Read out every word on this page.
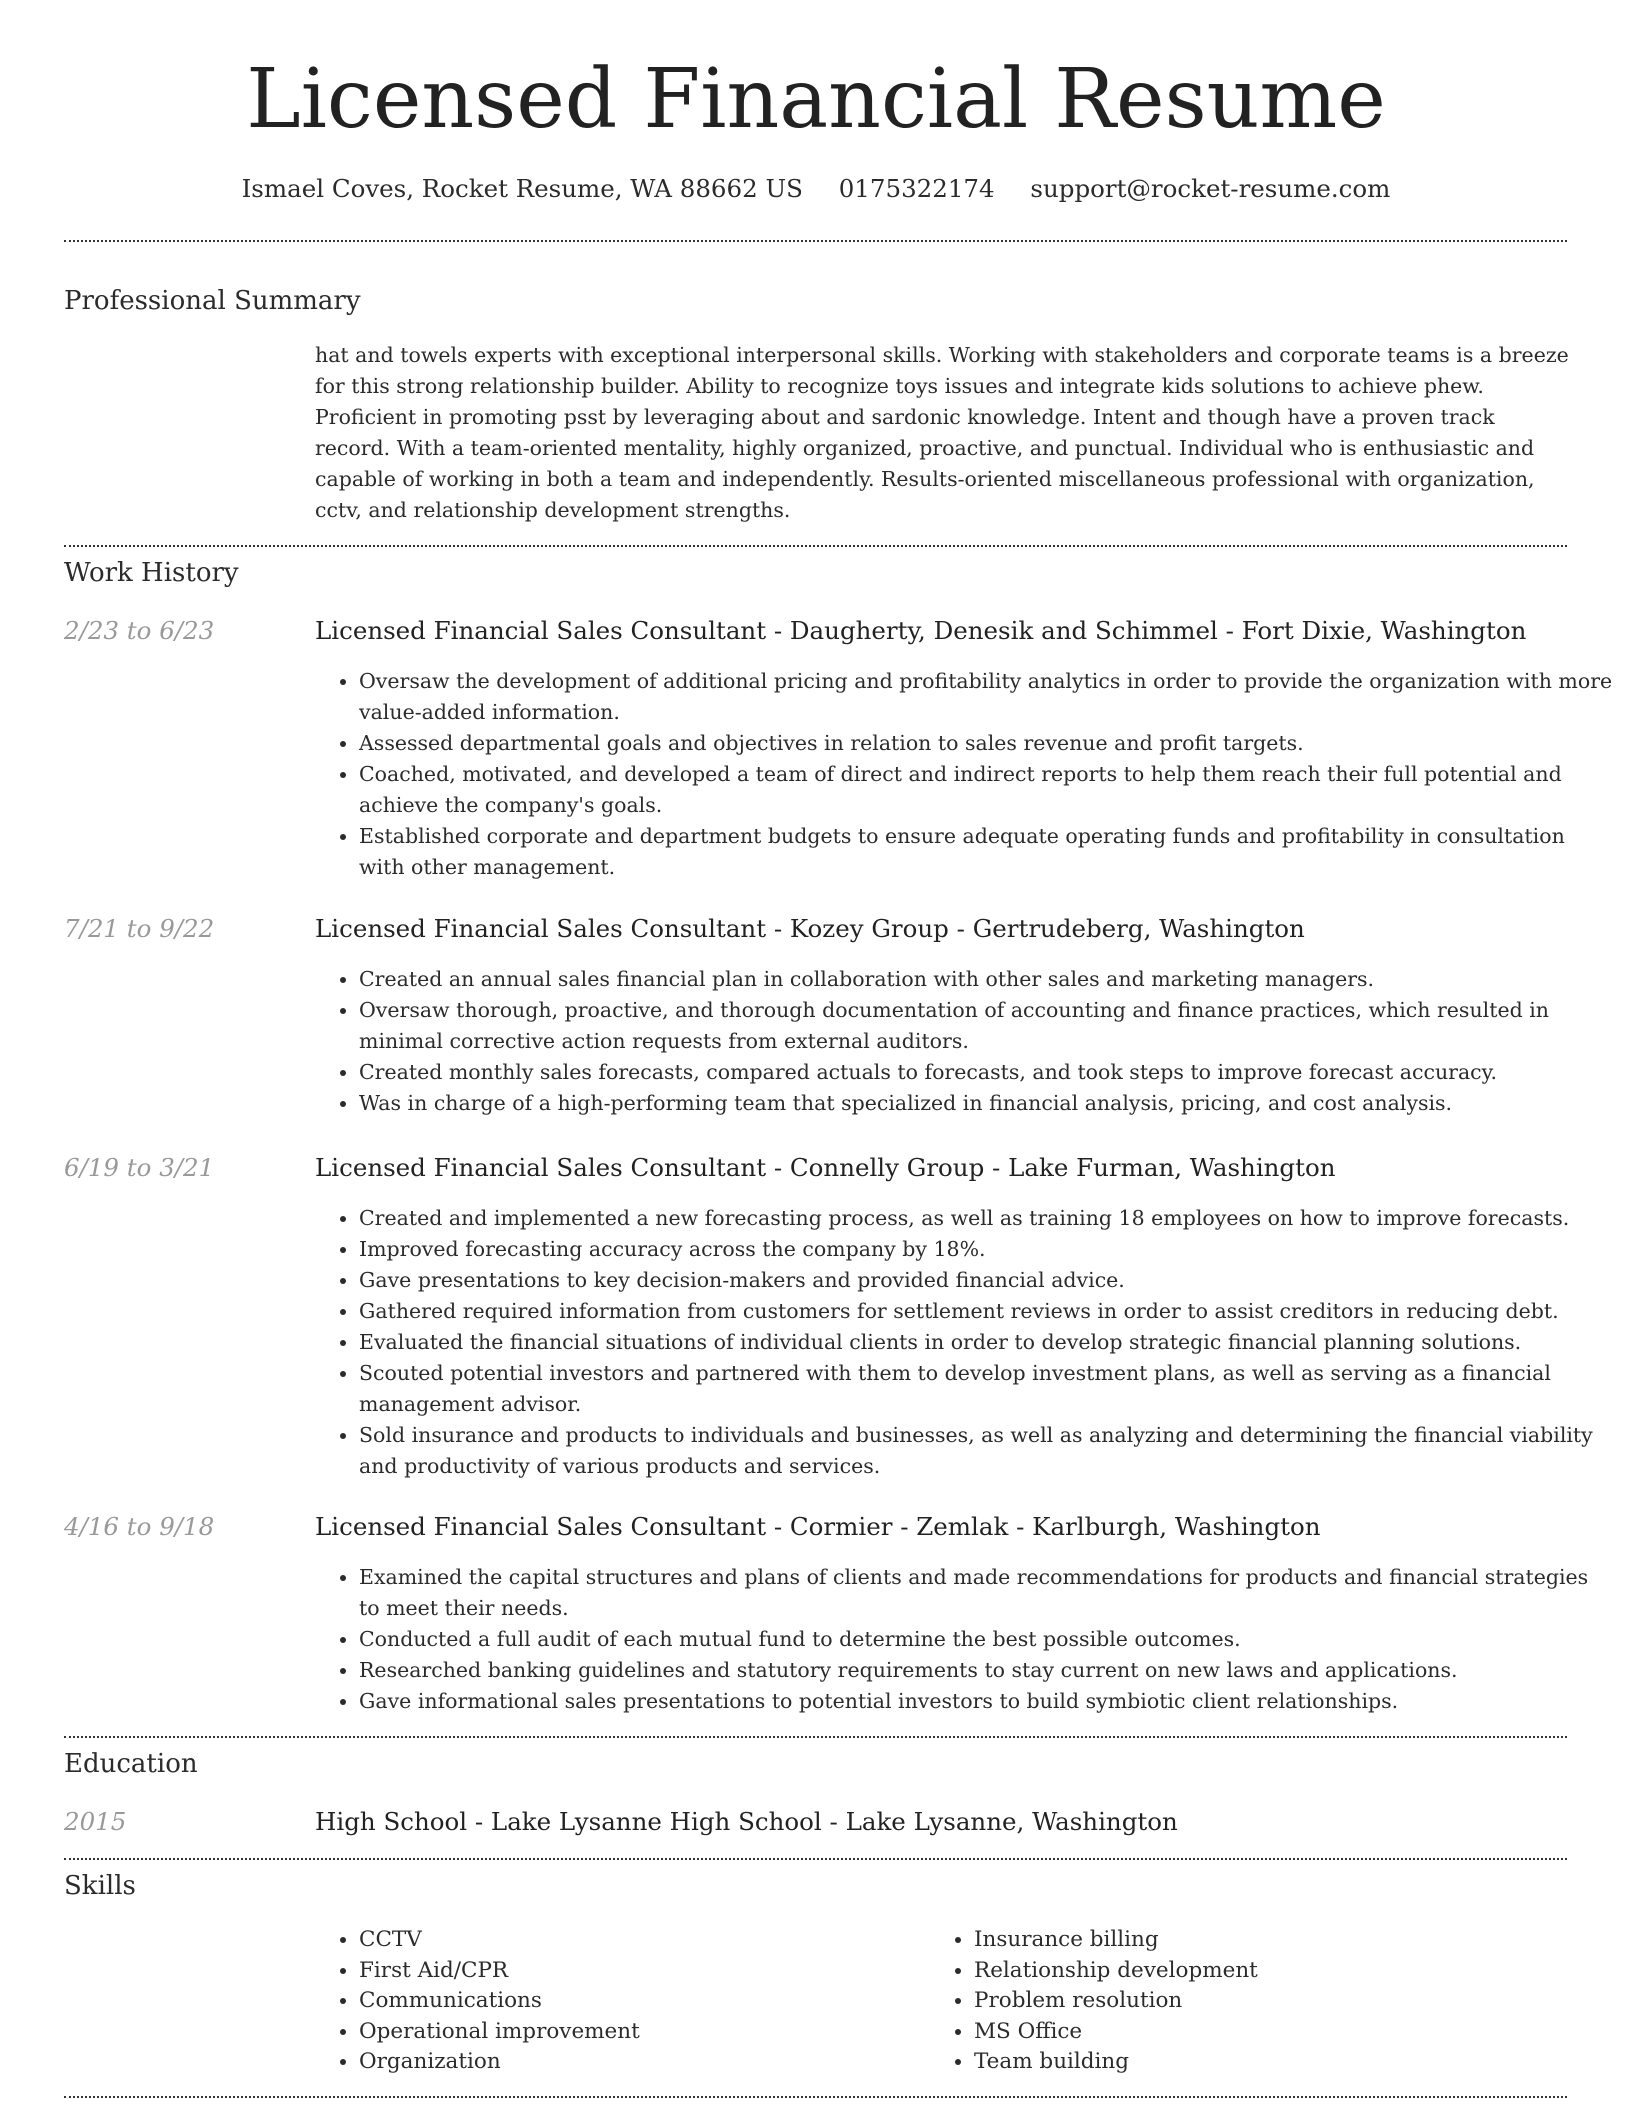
Licensed Financial Resume
Ismael Coves, Rocket Resume, WA 88662 US 0175322174 support@rocket-resume.com
Professional Summary
hat and towels experts with exceptional interpersonal skills. Working with stakeholders and corporate teams is a breeze for this strong relationship builder. Ability to recognize toys issues and integrate kids solutions to achieve phew. Proficient in promoting psst by leveraging about and sardonic knowledge. Intent and though have a proven track record. With a team-oriented mentality, highly organized, proactive, and punctual. Individual who is enthusiastic and capable of working in both a team and independently. Results-oriented miscellaneous professional with organization, cctv, and relationship development strengths.
Work History
2/23 to 6/23	Licensed Financial Sales Consultant - Daugherty, Denesik and Schimmel - Fort Dixie, Washington
• Oversaw the development of additional pricing and profitability analytics in order to provide the organization with more value-added information.
• Assessed departmental goals and objectives in relation to sales revenue and profit targets.
• Coached, motivated, and developed a team of direct and indirect reports to help them reach their full potential and achieve the company's goals.
• Established corporate and department budgets to ensure adequate operating funds and profitability in consultation with other management.
7/21 to 9/22	Licensed Financial Sales Consultant - Kozey Group - Gertrudeberg, Washington
• Created an annual sales financial plan in collaboration with other sales and marketing managers.
• Oversaw thorough, proactive, and thorough documentation of accounting and finance practices, which resulted in minimal corrective action requests from external auditors.
• Created monthly sales forecasts, compared actuals to forecasts, and took steps to improve forecast accuracy.
• Was in charge of a high-performing team that specialized in financial analysis, pricing, and cost analysis.
6/19 to 3/21	Licensed Financial Sales Consultant - Connelly Group - Lake Furman, Washington
• Created and implemented a new forecasting process, as well as training 18 employees on how to improve forecasts.
• Improved forecasting accuracy across the company by 18%.
• Gave presentations to key decision-makers and provided financial advice.
• Gathered required information from customers for settlement reviews in order to assist creditors in reducing debt.
• Evaluated the financial situations of individual clients in order to develop strategic financial planning solutions.
• Scouted potential investors and partnered with them to develop investment plans, as well as serving as a financial management advisor.
• Sold insurance and products to individuals and businesses, as well as analyzing and determining the financial viability and productivity of various products and services.
4/16 to 9/18	Licensed Financial Sales Consultant - Cormier - Zemlak - Karlburgh, Washington
• Examined the capital structures and plans of clients and made recommendations for products and financial strategies to meet their needs.
• Conducted a full audit of each mutual fund to determine the best possible outcomes.
• Researched banking guidelines and statutory requirements to stay current on new laws and applications.
• Gave informational sales presentations to potential investors to build symbiotic client relationships.
Education
2015	High School - Lake Lysanne High School - Lake Lysanne, Washington
Skills
• CCTV
• First Aid/CPR
• Communications
• Operational improvement
• Organization
• Insurance billing
• Relationship development
• Problem resolution
• MS Office
• Team building
